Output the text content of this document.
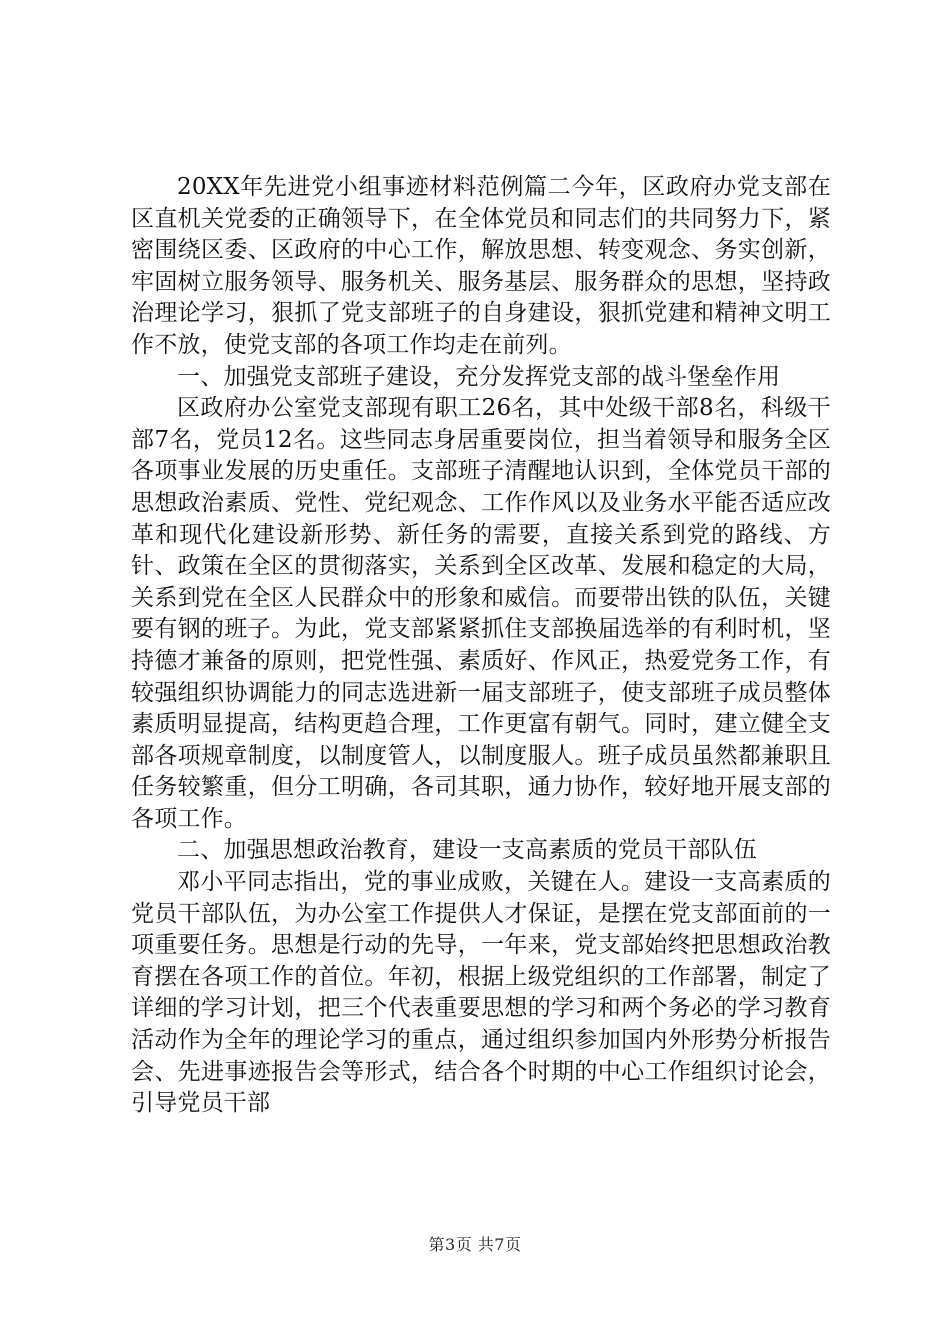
20XX年先进党小组事迹材料范例篇二今年，区政府办党支部在区直机关党委的正确领导下，在全体党员和同志们的共同努力下，紧密围绕区委、区政府的中心工作，解放思想、转变观念、务实创新，牢固树立服务领导、服务机关、服务基层、服务群众的思想，坚持政治理论学习，狠抓了党支部班子的自身建设，狠抓党建和精神文明工作不放，使党支部的各项工作均走在前列。

一、加强党支部班子建设，充分发挥党支部的战斗堡垒作用

区政府办公室党支部现有职工26名，其中处级干部8名，科级干部7名，党员12名。这些同志身居重要岗位，担当着领导和服务全区各项事业发展的历史重任。支部班子清醒地认识到，全体党员干部的思想政治素质、党性、党纪观念、工作作风以及业务水平能否适应改革和现代化建设新形势、新任务的需要，直接关系到党的路线、方针、政策在全区的贯彻落实，关系到全区改革、发展和稳定的大局，关系到党在全区人民群众中的形象和威信。而要带出铁的队伍，关键要有钢的班子。为此，党支部紧紧抓住支部换届选举的有利时机，坚持德才兼备的原则，把党性强、素质好、作风正，热爱党务工作，有较强组织协调能力的同志选进新一届支部班子，使支部班子成员整体素质明显提高，结构更趋合理，工作更富有朝气。同时，建立健全支部各项规章制度，以制度管人，以制度服人。班子成员虽然都兼职且任务较繁重，但分工明确，各司其职，通力协作，较好地开展支部的各项工作。

二、加强思想政治教育，建设一支高素质的党员干部队伍

邓小平同志指出，党的事业成败，关键在人。建设一支高素质的党员干部队伍，为办公室工作提供人才保证，是摆在党支部面前的一项重要任务。思想是行动的先导，一年来，党支部始终把思想政治教育摆在各项工作的首位。年初，根据上级党组织的工作部署，制定了详细的学习计划，把三个代表重要思想的学习和两个务必的学习教育活动作为全年的理论学习的重点，通过组织参加国内外形势分析报告会、先进事迹报告会等形式，结合各个时期的中心工作组织讨论会，引导党员干部

第3页 共7页
